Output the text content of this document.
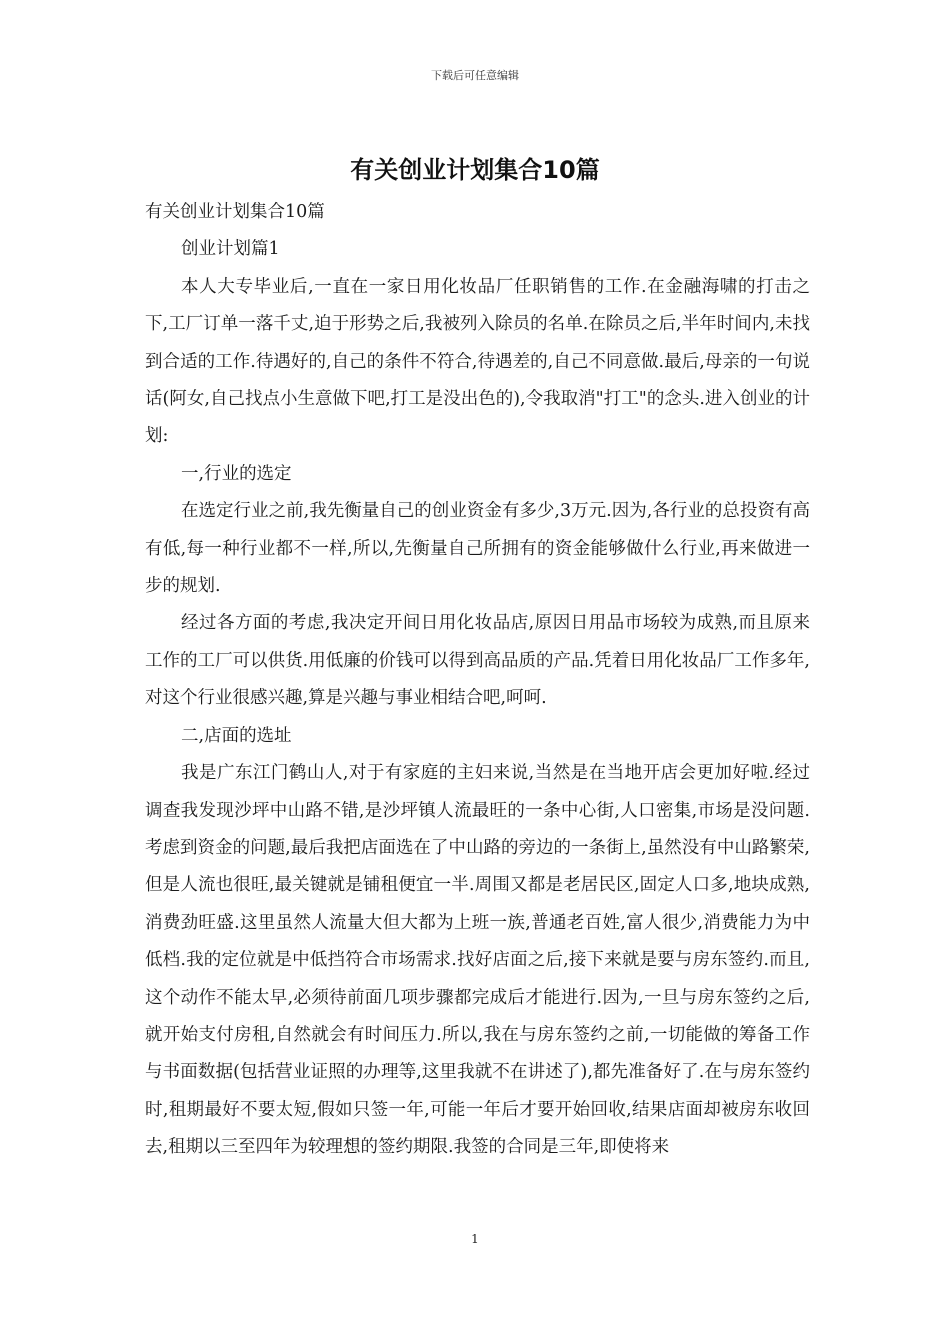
下载后可任意编辑
有关创业计划集合10篇

有关创业计划集合10篇

创业计划篇1

本人大专毕业后,一直在一家日用化妆品厂任职销售的工作.在金融海啸的打击之下,工厂订单一落千丈,迫于形势之后,我被列入除员的名单.在除员之后,半年时间内,未找到合适的工作.待遇好的,自己的条件不符合,待遇差的,自己不同意做.最后,母亲的一句说话(阿女,自己找点小生意做下吧,打工是没出色的),令我取消"打工"的念头.进入创业的计划:

一,行业的选定

在选定行业之前,我先衡量自己的创业资金有多少,3万元.因为,各行业的总投资有高有低,每一种行业都不一样,所以,先衡量自己所拥有的资金能够做什么行业,再来做进一步的规划.

经过各方面的考虑,我决定开间日用化妆品店,原因日用品市场较为成熟,而且原来工作的工厂可以供货.用低廉的价钱可以得到高品质的产品.凭着日用化妆品厂工作多年,对这个行业很感兴趣,算是兴趣与事业相结合吧,呵呵.

二,店面的选址

我是广东江门鹤山人,对于有家庭的主妇来说,当然是在当地开店会更加好啦.经过调查我发现沙坪中山路不错,是沙坪镇人流最旺的一条中心街,人口密集,市场是没问题.考虑到资金的问题,最后我把店面选在了中山路的旁边的一条街上,虽然没有中山路繁荣,但是人流也很旺,最关键就是铺租便宜一半.周围又都是老居民区,固定人口多,地块成熟,消费劲旺盛.这里虽然人流量大但大都为上班一族,普通老百姓,富人很少,消费能力为中低档.我的定位就是中低挡符合市场需求.找好店面之后,接下来就是要与房东签约.而且,这个动作不能太早,必须待前面几项步骤都完成后才能进行.因为,一旦与房东签约之后,就开始支付房租,自然就会有时间压力.所以,我在与房东签约之前,一切能做的筹备工作与书面数据(包括营业证照的办理等,这里我就不在讲述了),都先准备好了.在与房东签约时,租期最好不要太短,假如只签一年,可能一年后才要开始回收,结果店面却被房东收回去,租期以三至四年为较理想的签约期限.我签的合同是三年,即使将来

1
